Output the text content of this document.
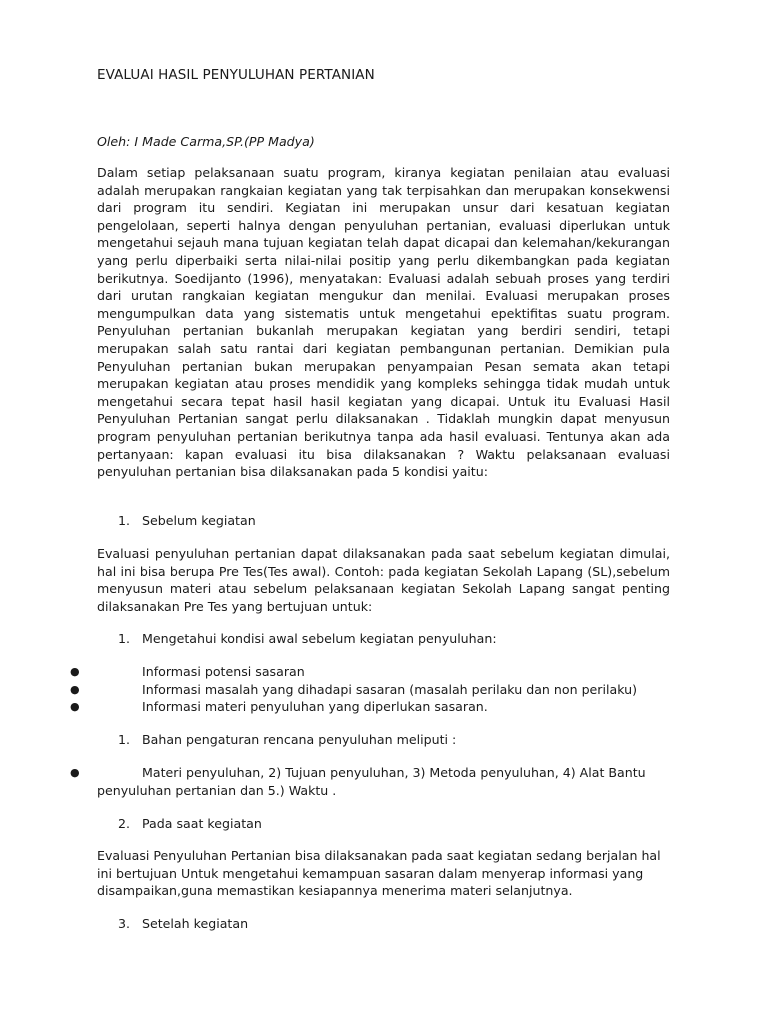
EVALUAI HASIL PENYULUHAN PERTANIAN
Oleh: I Made Carma,SP.(PP Madya)

Dalam setiap pelaksanaan suatu program, kiranya kegiatan penilaian atau evaluasi adalah merupakan rangkaian kegiatan yang tak terpisahkan dan merupakan konsekwensi dari program itu sendiri. Kegiatan ini merupakan unsur dari kesatuan kegiatan pengelolaan, seperti halnya dengan penyuluhan pertanian, evaluasi diperlukan untuk mengetahui sejauh mana tujuan kegiatan telah dapat dicapai dan kelemahan/kekurangan yang perlu diperbaiki serta nilai-nilai positip yang perlu dikembangkan pada kegiatan berikutnya. Soedijanto (1996), menyatakan: Evaluasi adalah sebuah proses yang terdiri dari urutan rangkaian kegiatan mengukur dan menilai. Evaluasi merupakan proses mengumpulkan data yang sistematis untuk mengetahui epektifitas suatu program. Penyuluhan pertanian bukanlah merupakan kegiatan yang berdiri sendiri, tetapi merupakan salah satu rantai dari kegiatan pembangunan pertanian. Demikian pula Penyuluhan pertanian bukan merupakan penyampaian Pesan semata akan tetapi merupakan kegiatan atau proses mendidik yang kompleks sehingga tidak mudah untuk mengetahui secara tepat hasil hasil kegiatan yang dicapai. Untuk itu Evaluasi Hasil Penyuluhan Pertanian sangat perlu dilaksanakan . Tidaklah mungkin dapat menyusun program penyuluhan pertanian berikutnya tanpa ada hasil evaluasi. Tentunya akan ada pertanyaan: kapan evaluasi itu bisa dilaksanakan ? Waktu pelaksanaan evaluasi penyuluhan pertanian bisa dilaksanakan pada 5 kondisi yaitu:

1. Sebelum kegiatan

Evaluasi penyuluhan pertanian dapat dilaksanakan pada saat sebelum kegiatan dimulai, hal ini bisa berupa Pre Tes(Tes awal). Contoh: pada kegiatan Sekolah Lapang (SL),sebelum menyusun materi atau sebelum pelaksanaan kegiatan Sekolah Lapang sangat penting dilaksanakan Pre Tes yang bertujuan untuk:

1. Mengetahui kondisi awal sebelum kegiatan penyuluhan:
●	Informasi potensi sasaran
●	Informasi masalah yang dihadapi sasaran (masalah perilaku dan non perilaku)
●	Informasi materi penyuluhan yang diperlukan sasaran.
1. Bahan pengaturan rencana penyuluhan meliputi :
●	Materi penyuluhan, 2) Tujuan penyuluhan, 3) Metoda penyuluhan, 4) Alat Bantu penyuluhan pertanian dan 5.) Waktu .
2. Pada saat kegiatan

Evaluasi Penyuluhan Pertanian bisa dilaksanakan pada saat kegiatan sedang berjalan hal ini bertujuan Untuk mengetahui kemampuan sasaran dalam menyerap informasi yang disampaikan,guna memastikan kesiapannya menerima materi selanjutnya.

3. Setelah kegiatan
